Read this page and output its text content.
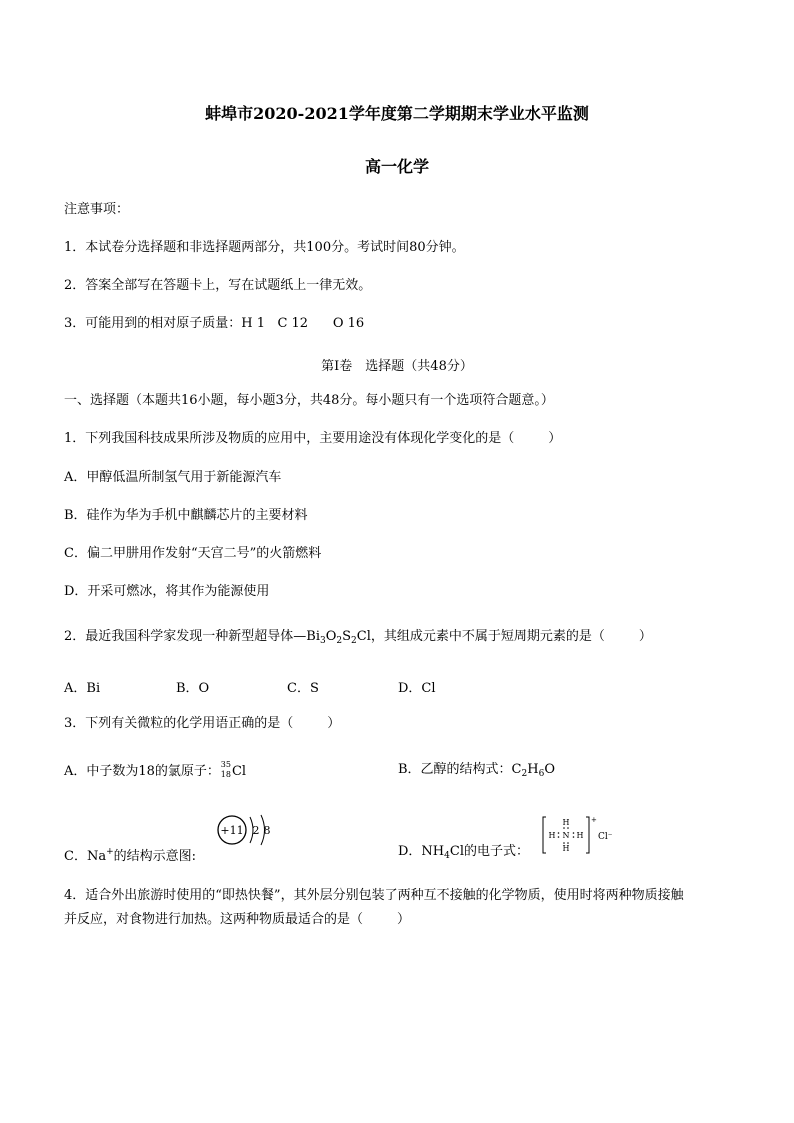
蚌埠市2020-2021学年度第二学期期末学业水平监测
高一化学
注意事项：
1．本试卷分选择题和非选择题两部分，共100分。考试时间80分钟。
2．答案全部写在答题卡上，写在试题纸上一律无效。
3．可能用到的相对原子质量：H 1 C 12 O 16
第I卷　选择题（共48分）
一、选择题（本题共16小题，每小题3分，共48分。每小题只有一个选项符合题意。）
1．下列我国科技成果所涉及物质的应用中，主要用途没有体现化学变化的是（	）
A．甲醇低温所制氢气用于新能源汽车
B．硅作为华为手机中麒麟芯片的主要材料
C．偏二甲肼用作发射“天宫二号”的火箭燃料
D．开采可燃冰，将其作为能源使用
2．最近我国科学家发现一种新型超导体$—Bi_3O_2S_2Cl$，其组成元素中不属于短周期元素的是（	）
A．Bi	B．O	C．S	D．Cl
3．下列有关微粒的化学用语正确的是（	）
A．中子数为18的氯原子： 35
18 Cl	B．乙醇的结构式：$C_2H_6O$
C．Na+的结构示意图:
+11 2 8
D．$NH_4Cl$的电子式：
H
H N H
H
+
Cl⁻
4．适合外出旅游时使用的“即热快餐”，其外层分别包装了两种互不接触的化学物质，使用时将两种物质接触
并反应，对食物进行加热。这两种物质最适合的是（	）
